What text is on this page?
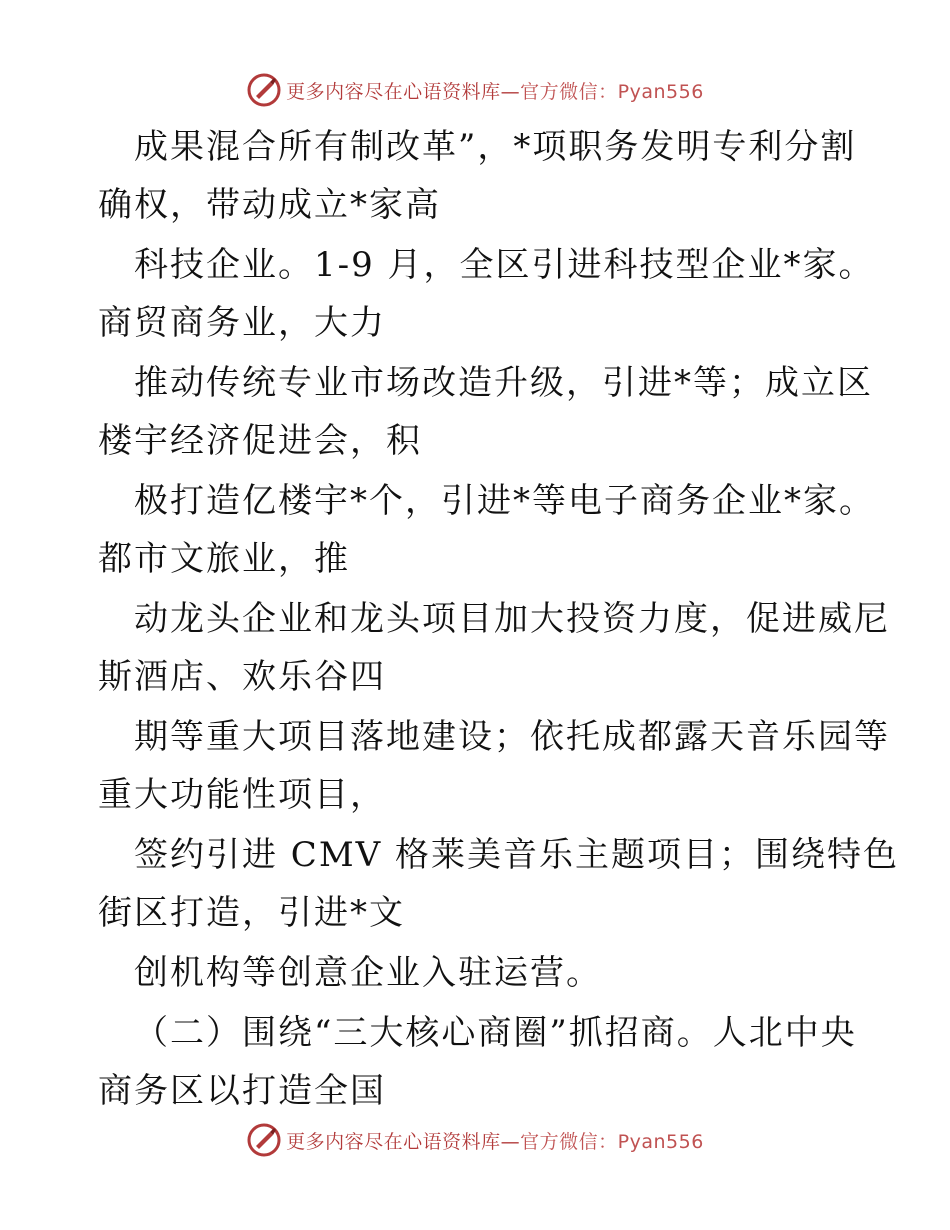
更多内容尽在心语资料库— 官方微信：Pyan556
成果混合所有制改革”，*项职务发明专利分割
确权，带动成立*家高
科技企业。1-9 月，全区引进科技型企业*家。
商贸商务业，大力
推动传统专业市场改造升级，引进*等；成立区
楼宇经济促进会，积
极打造亿楼宇*个，引进*等电子商务企业*家。
都市文旅业，推
动龙头企业和龙头项目加大投资力度，促进威尼
斯酒店、欢乐谷四
期等重大项目落地建设；依托成都露天音乐园等
重大功能性项目，
签约引进 CMV 格莱美音乐主题项目；围绕特色
街区打造，引进*文
创机构等创意企业入驻运营。
（二）围绕“三大核心商圈”抓招商。人北中央
商务区以打造全国
更多内容尽在心语资料库— 官方微信：Pyan556
